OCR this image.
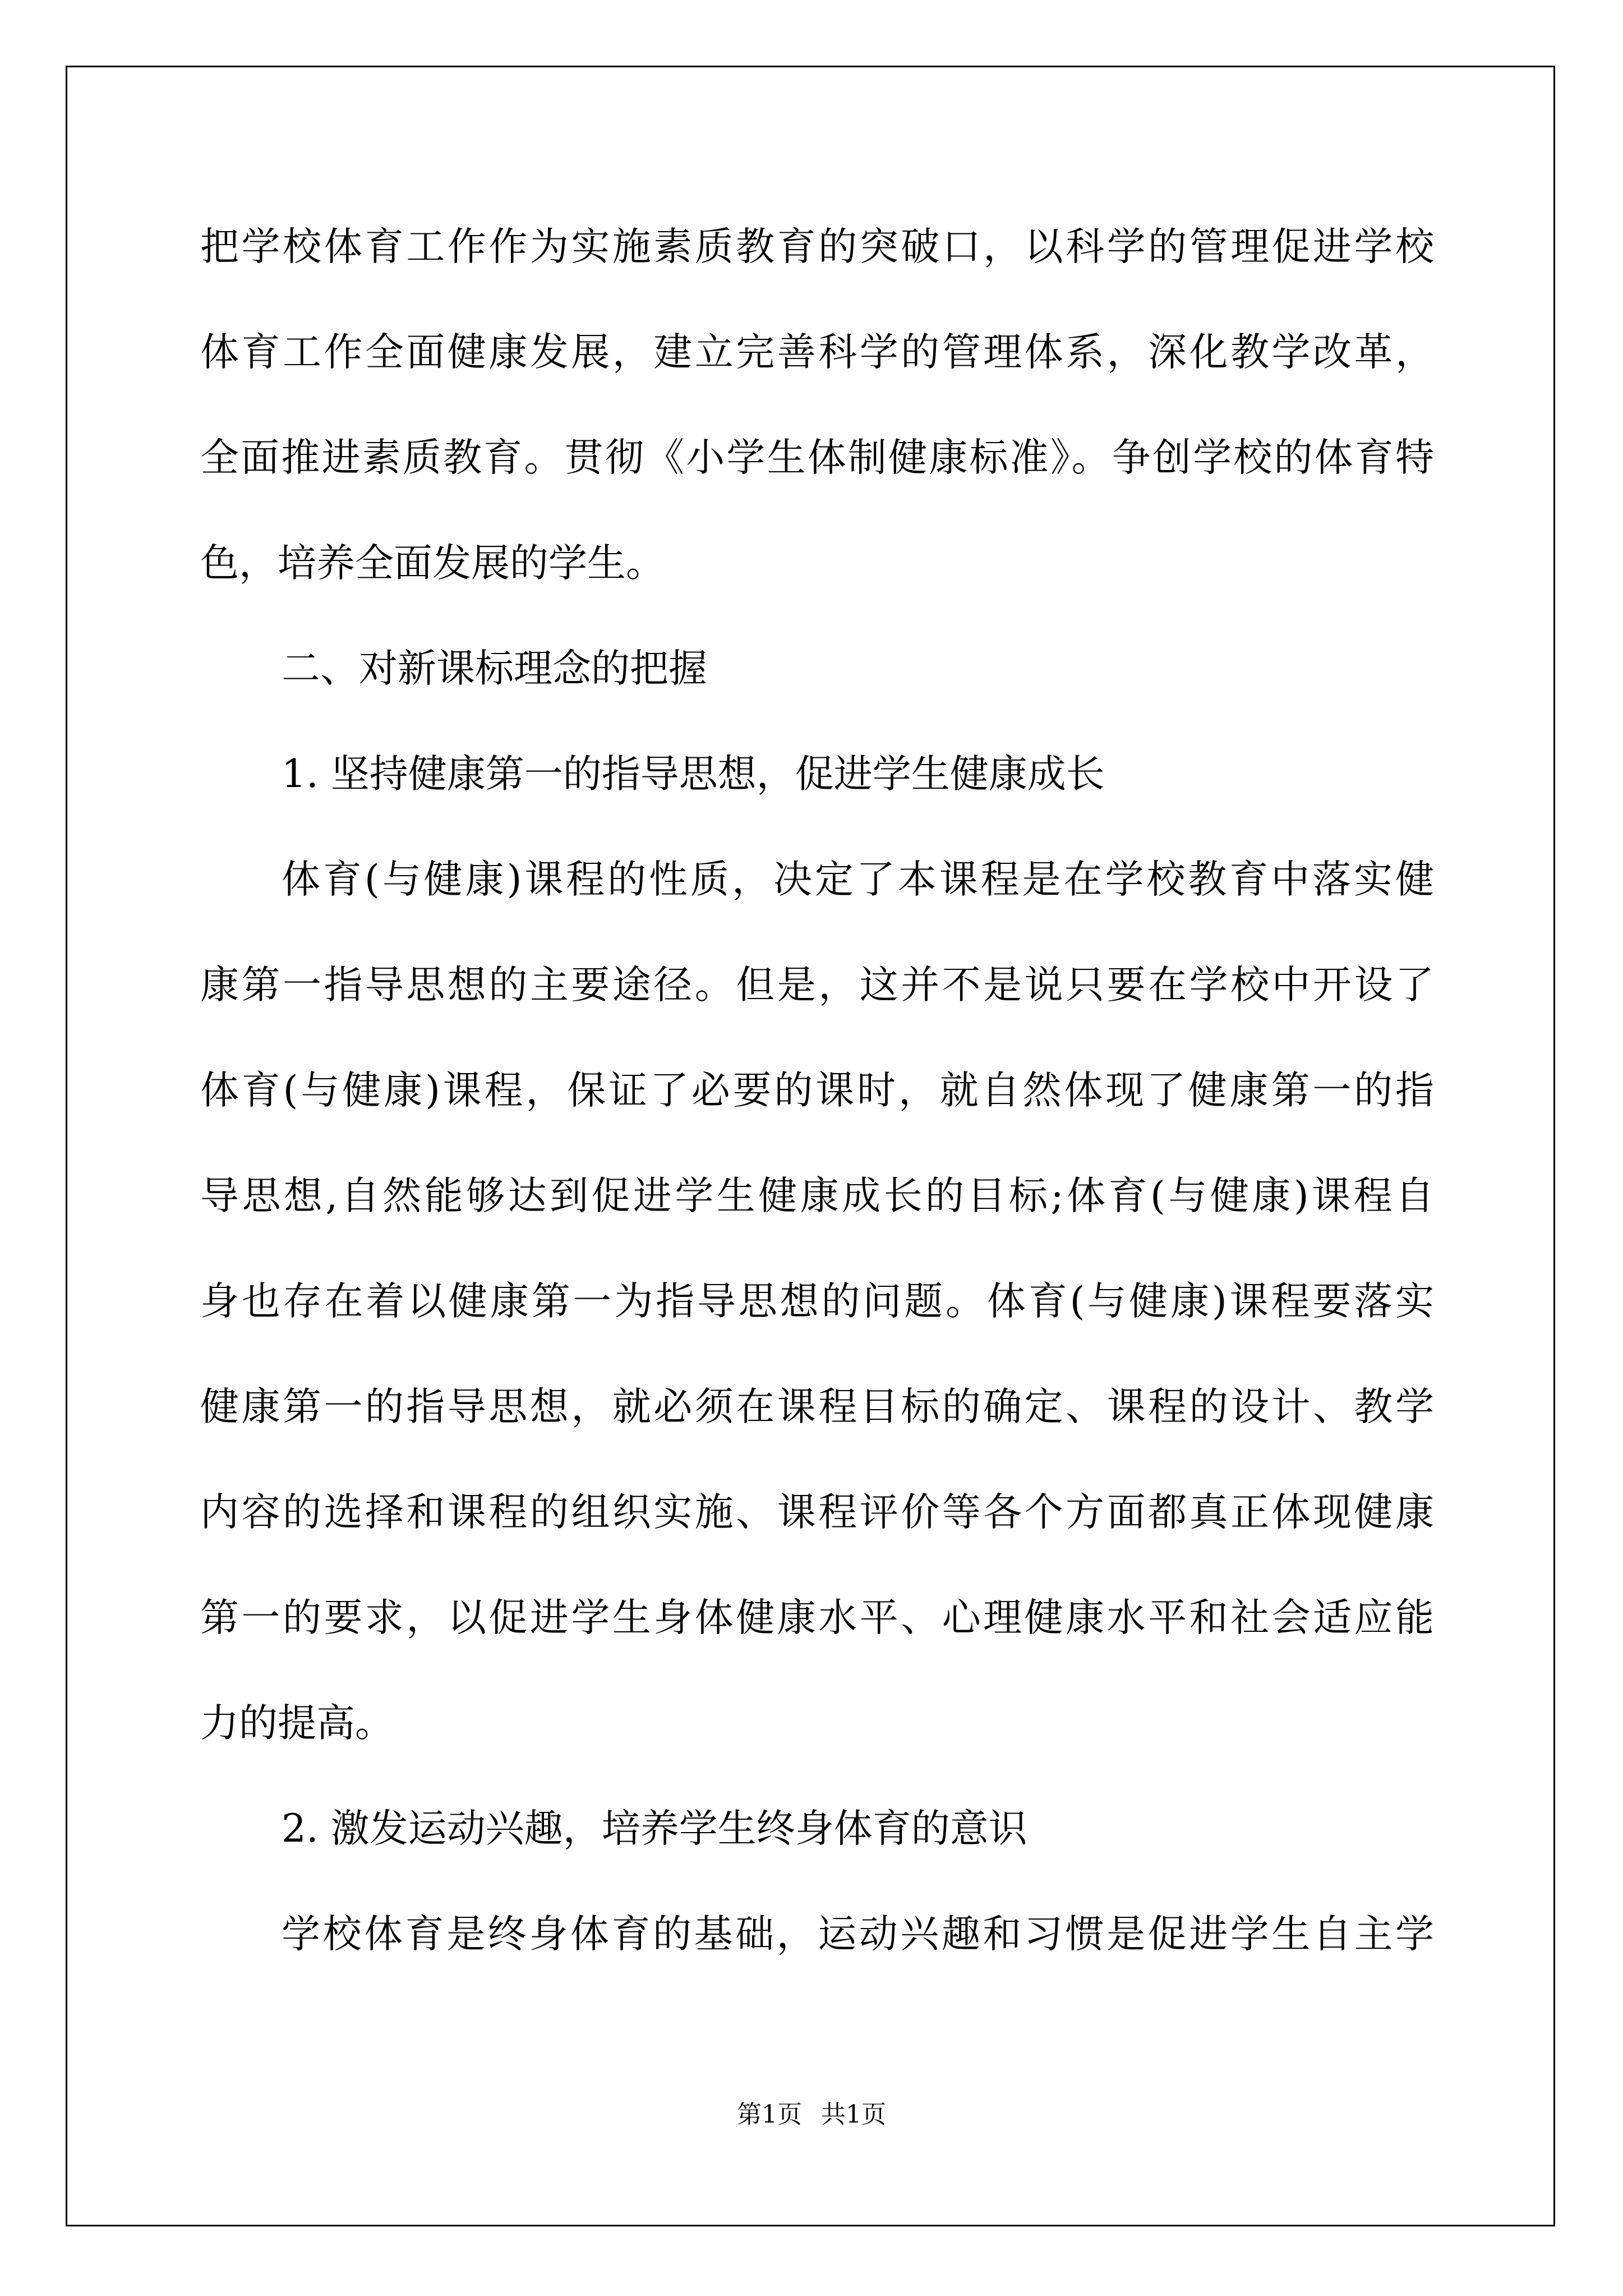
把学校体育工作作为实施素质教育的突破口，以科学的管理促进学校
体育工作全面健康发展，建立完善科学的管理体系，深化教学改革，
全面推进素质教育。贯彻《小学生体制健康标准》。争创学校的体育特
色，培养全面发展的学生。
二、对新课标理念的把握
1. 坚持健康第一的指导思想，促进学生健康成长
体育(与健康)课程的性质，决定了本课程是在学校教育中落实健
康第一指导思想的主要途径。但是，这并不是说只要在学校中开设了
体育(与健康)课程，保证了必要的课时，就自然体现了健康第一的指
导思想,自然能够达到促进学生健康成长的目标;体育(与健康)课程自
身也存在着以健康第一为指导思想的问题。体育(与健康)课程要落实
健康第一的指导思想，就必须在课程目标的确定、课程的设计、教学
内容的选择和课程的组织实施、课程评价等各个方面都真正体现健康
第一的要求，以促进学生身体健康水平、心理健康水平和社会适应能
力的提高。
2. 激发运动兴趣，培养学生终身体育的意识
学校体育是终身体育的基础，运动兴趣和习惯是促进学生自主学
第1页 共1页
